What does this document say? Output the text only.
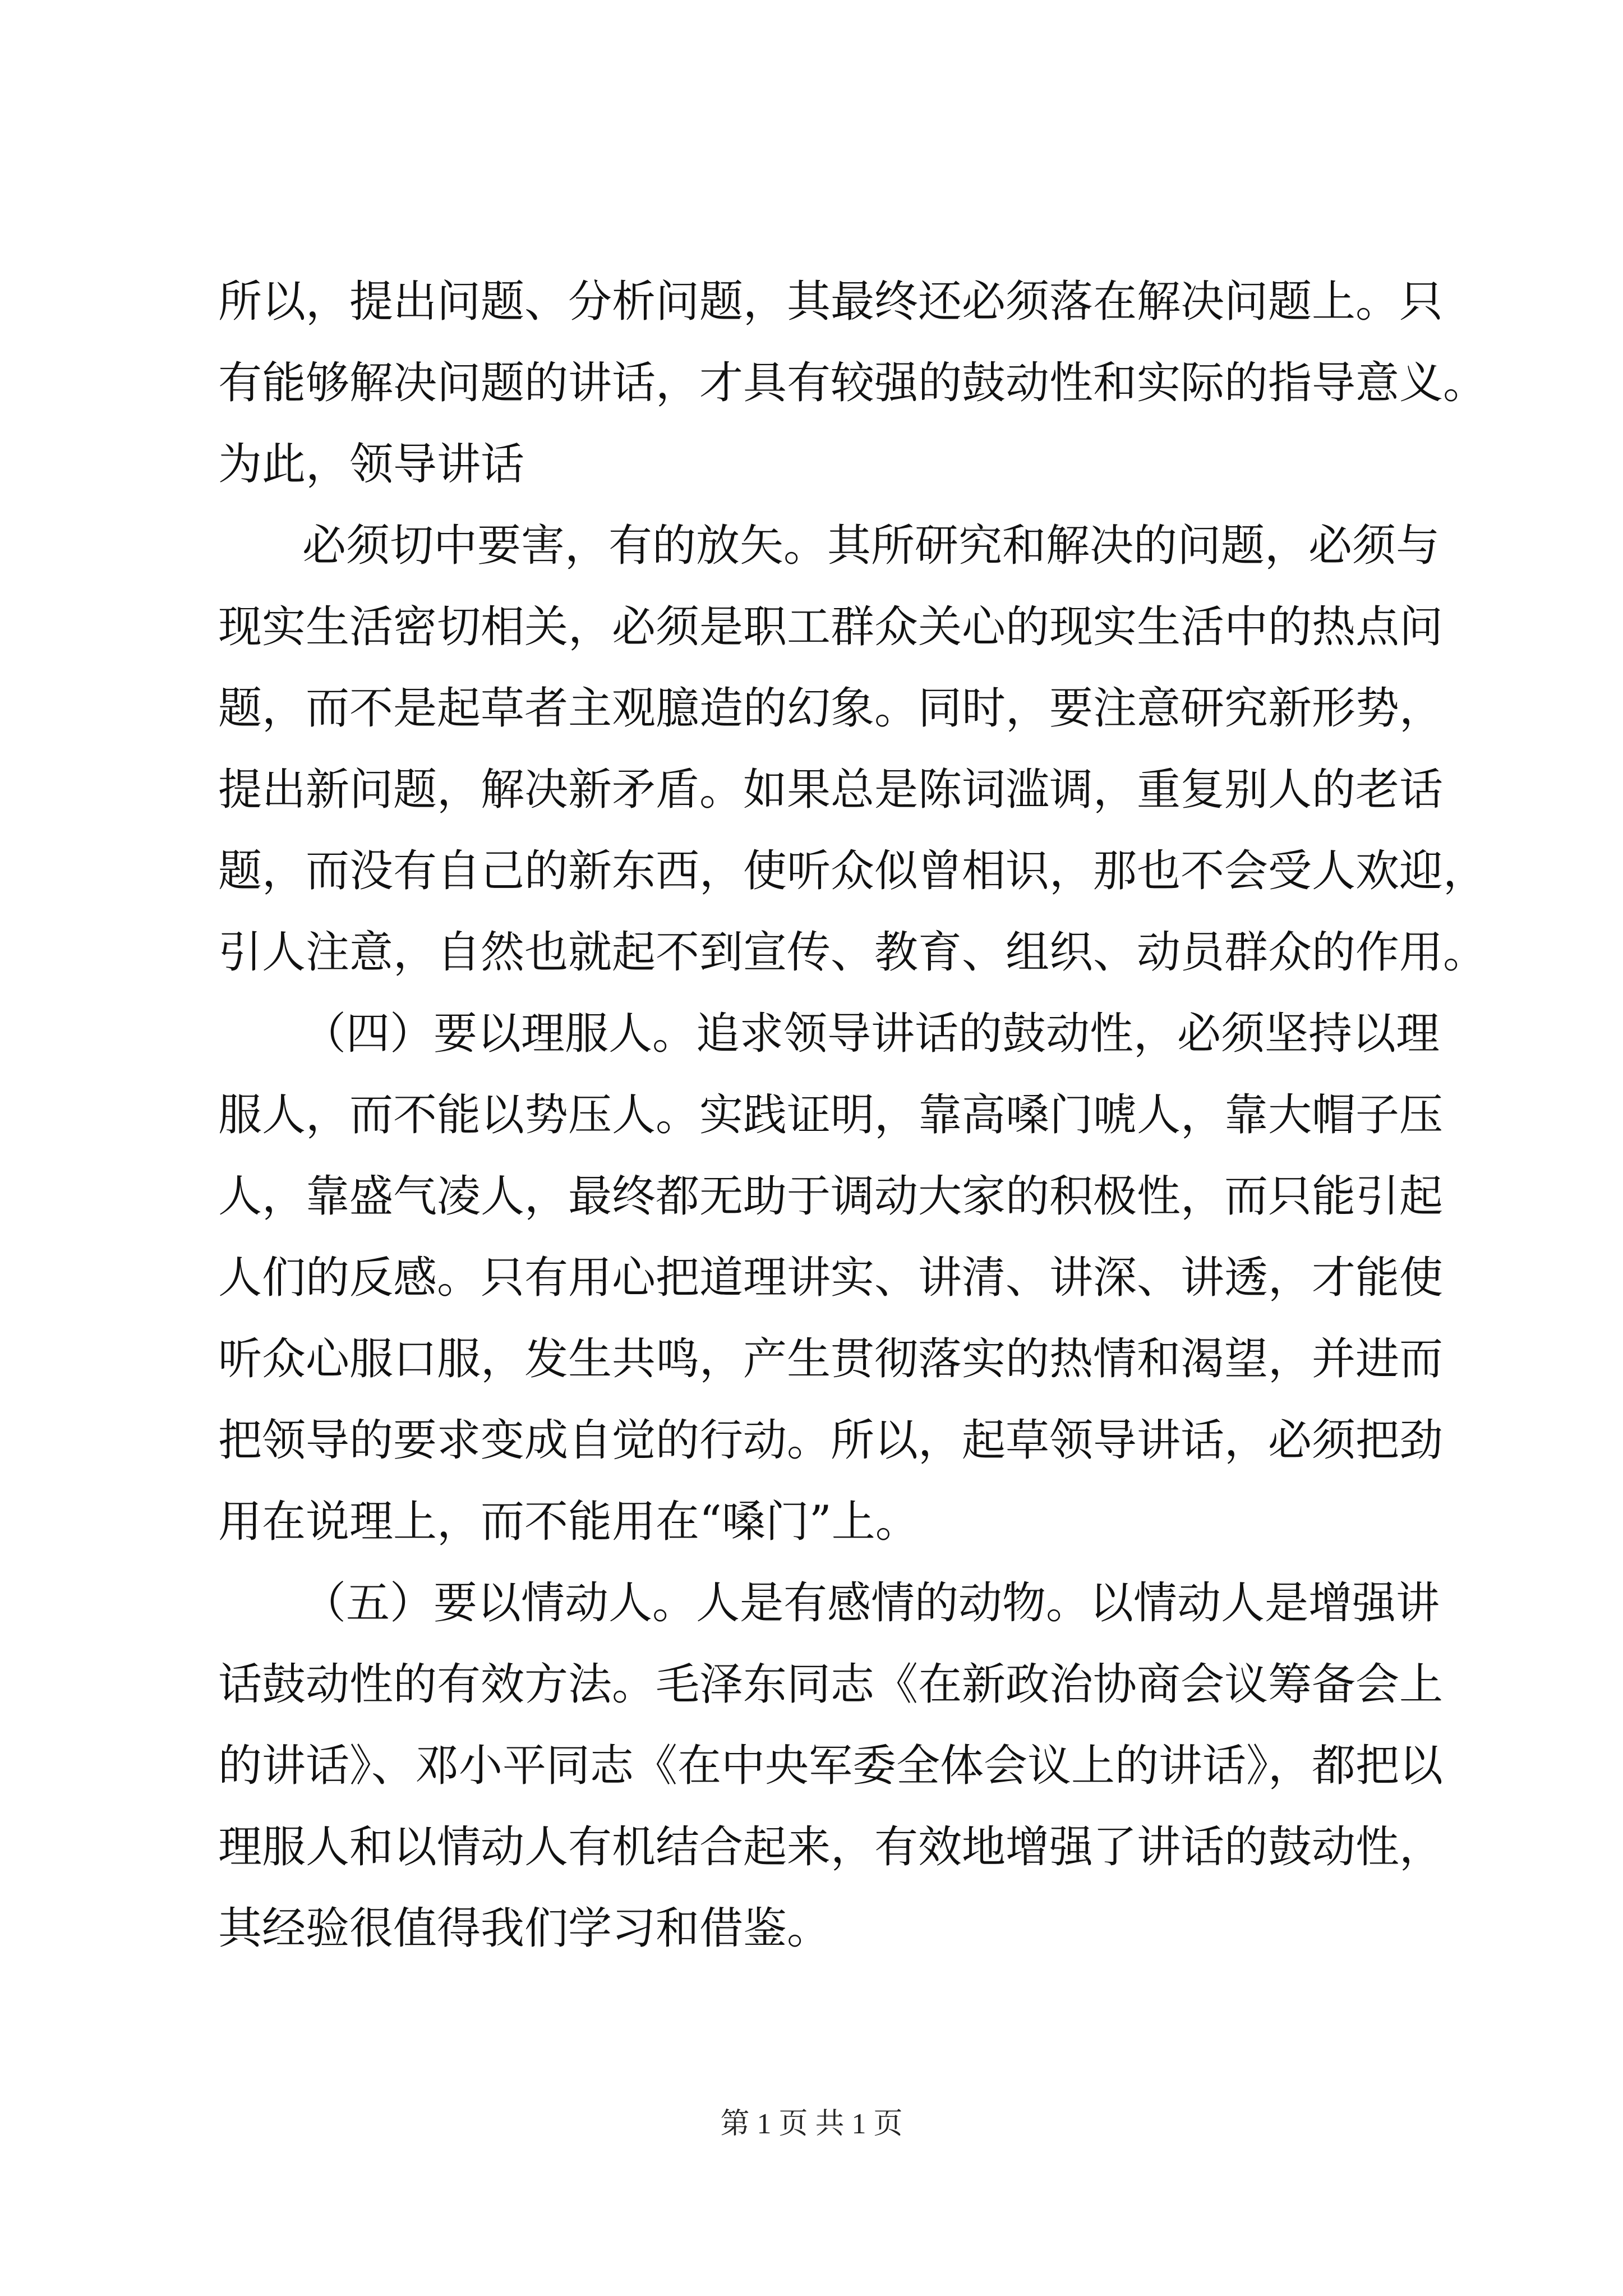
所以，提出问题、分析问题，其最终还必须落在解决问题上。只
有能够解决问题的讲话，才具有较强的鼓动性和实际的指导意义。
为此，领导讲话
必须切中要害，有的放矢。其所研究和解决的问题，必须与
现实生活密切相关，必须是职工群众关心的现实生活中的热点问
题，而不是起草者主观臆造的幻象。同时，要注意研究新形势，
提出新问题，解决新矛盾。如果总是陈词滥调，重复别人的老话
题，而没有自己的新东西，使听众似曾相识，那也不会受人欢迎，
引人注意，自然也就起不到宣传、教育、组织、动员群众的作用。
（四）要以理服人。追求领导讲话的鼓动性，必须坚持以理
服人，而不能以势压人。实践证明，靠高嗓门唬人，靠大帽子压
人，靠盛气凌人，最终都无助于调动大家的积极性，而只能引起
人们的反感。只有用心把道理讲实、讲清、讲深、讲透，才能使
听众心服口服，发生共鸣，产生贯彻落实的热情和渴望，并进而
把领导的要求变成自觉的行动。所以，起草领导讲话，必须把劲
用在说理上，而不能用在“嗓门”上。
（五）要以情动人。人是有感情的动物。以情动人是增强讲
话鼓动性的有效方法。毛泽东同志《在新政治协商会议筹备会上
的讲话》、邓小平同志《在中央军委全体会议上的讲话》，都把以
理服人和以情动人有机结合起来，有效地增强了讲话的鼓动性，
其经验很值得我们学习和借鉴。
第 1 页 共 1 页
